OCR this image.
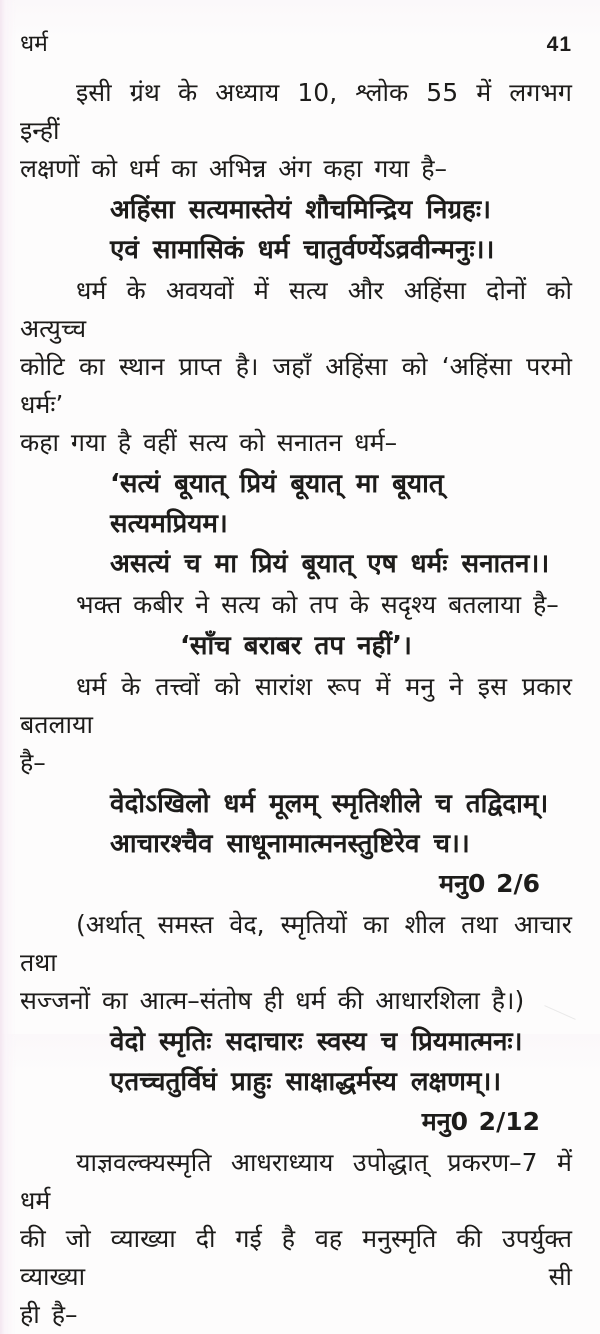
धर्म	41
इसी ग्रंथ के अध्याय 10, श्लोक 55 में लगभग इन्हीं
लक्षणों को धर्म का अभिन्न अंग कहा गया है–
अहिंसा सत्यमास्तेयं शौचमिन्द्रिय निग्रहः।
एवं सामासिकं धर्म चातुर्वर्ण्येऽव्रवीन्मनुः।।
धर्म के अवयवों में सत्य और अहिंसा दोनों को अत्युच्च
कोटि का स्थान प्राप्त है। जहाँ अहिंसा को ‘अहिंसा परमो धर्मः’
कहा गया है वहीं सत्य को सनातन धर्म–
‘सत्यं बूयात् प्रियं बूयात् मा बूयात् सत्यमप्रियम।
असत्यं च मा प्रियं बूयात् एष धर्मः सनातन।।
भक्त कबीर ने सत्य को तप के सदृश्य बतलाया है–
‘साँच बराबर तप नहीं’।
धर्म के तत्त्वों को सारांश रूप में मनु ने इस प्रकार बतलाया
है–
वेदोऽखिलो धर्म मूलम् स्मृतिशीले च तद्विदाम्।
आचारश्चैव साधूनामात्मनस्तुष्टिरेव च।।
मनु0 2/6
(अर्थात् समस्त वेद, स्मृतियों का शील तथा आचार तथा
सज्जनों का आत्म–संतोष ही धर्म की आधारशिला है।)
वेदो स्मृतिः सदाचारः स्वस्य च प्रियमात्मनः।
एतच्चतुर्विघं प्राहुः साक्षाद्धर्मस्य लक्षणम्।।
मनु0 2/12
याज्ञवल्क्यस्मृति आधराध्याय उपोद्धात् प्रकरण–7 में धर्म
की जो व्याख्या दी गई है वह मनुस्मृति की उपर्युक्त व्याख्या सी
ही है–
